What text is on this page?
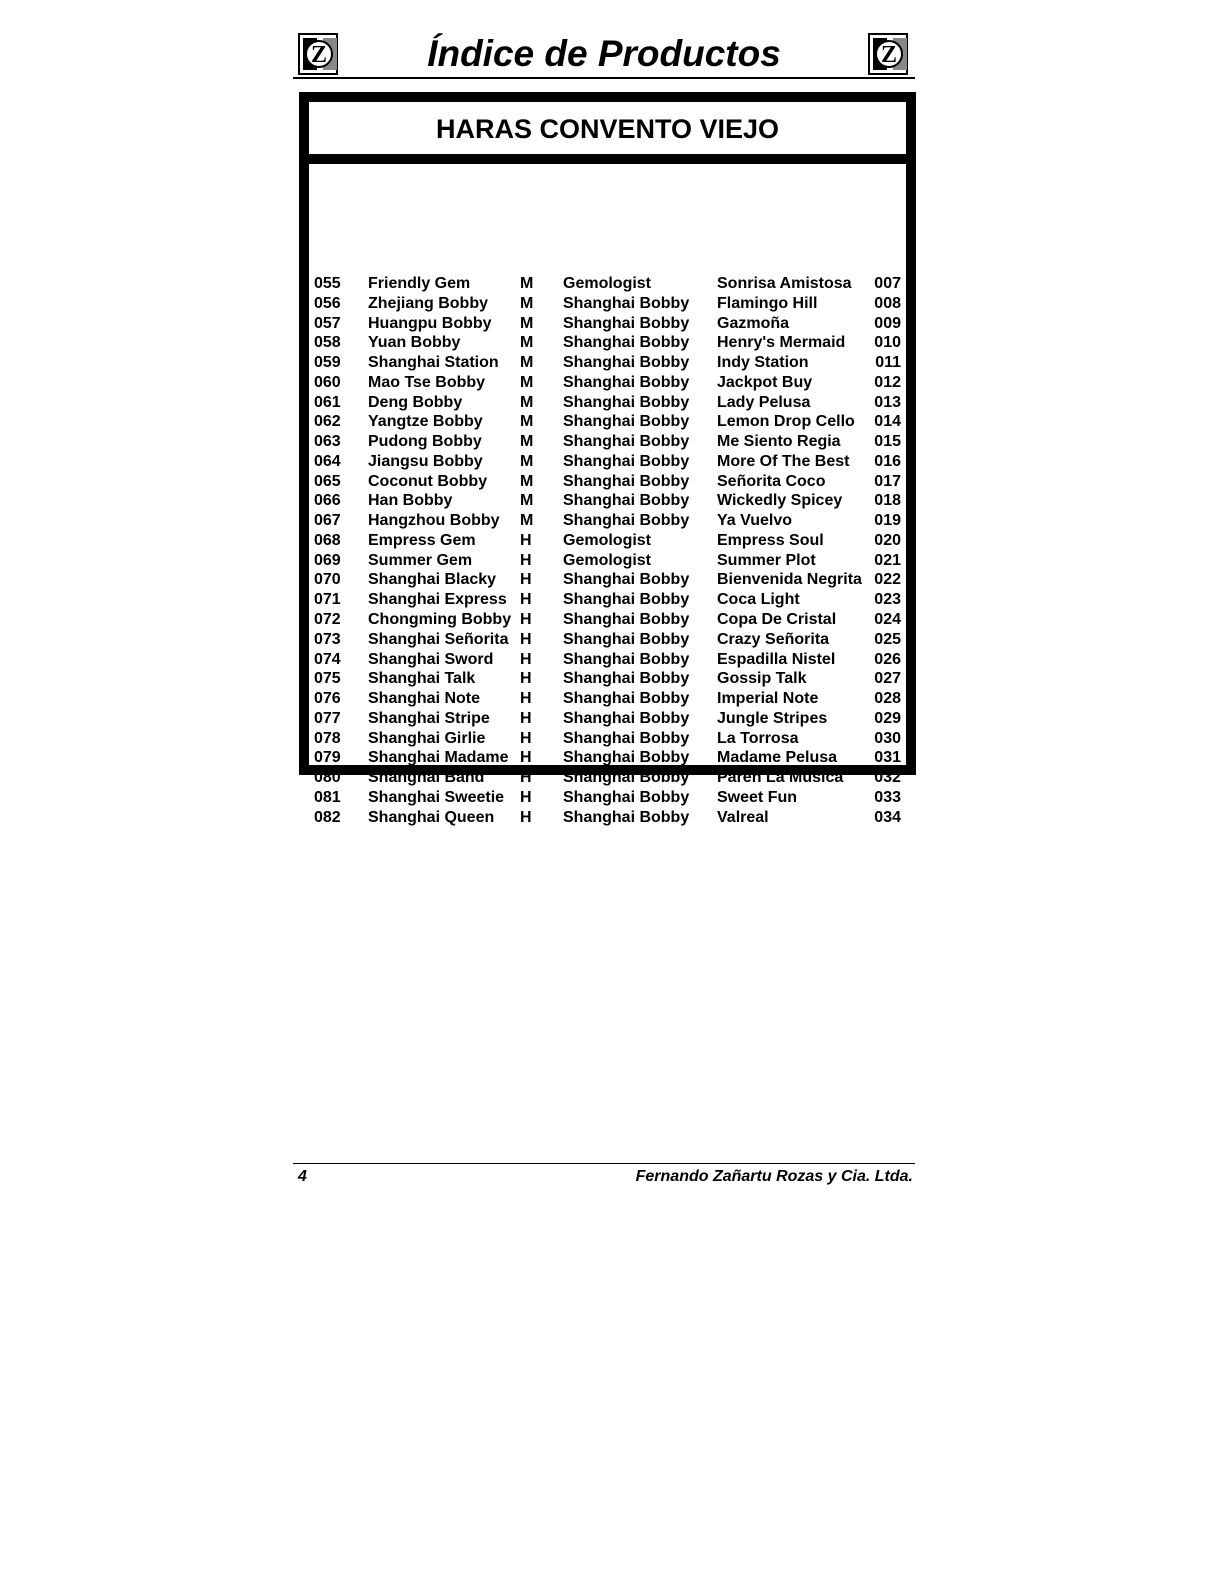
Z	Índice de Productos	Z
HARAS CONVENTO VIEJO
055	Friendly Gem	M	Gemologist	Sonrisa Amistosa	007
056	Zhejiang Bobby	M	Shanghai Bobby	Flamingo Hill	008
057	Huangpu Bobby	M	Shanghai Bobby	Gazmoña	009
058	Yuan Bobby	M	Shanghai Bobby	Henry's Mermaid	010
059	Shanghai Station	M	Shanghai Bobby	Indy Station	011
060	Mao Tse Bobby	M	Shanghai Bobby	Jackpot Buy	012
061	Deng Bobby	M	Shanghai Bobby	Lady Pelusa	013
062	Yangtze Bobby	M	Shanghai Bobby	Lemon Drop Cello	014
063	Pudong Bobby	M	Shanghai Bobby	Me Siento Regia	015
064	Jiangsu Bobby	M	Shanghai Bobby	More Of The Best	016
065	Coconut Bobby	M	Shanghai Bobby	Señorita Coco	017
066	Han Bobby	M	Shanghai Bobby	Wickedly Spicey	018
067	Hangzhou Bobby	M	Shanghai Bobby	Ya Vuelvo	019
068	Empress Gem	H	Gemologist	Empress Soul	020
069	Summer Gem	H	Gemologist	Summer Plot	021
070	Shanghai Blacky	H	Shanghai Bobby	Bienvenida Negrita	022
071	Shanghai Express	H	Shanghai Bobby	Coca Light	023
072	Chongming Bobby	H	Shanghai Bobby	Copa De Cristal	024
073	Shanghai Señorita	H	Shanghai Bobby	Crazy Señorita	025
074	Shanghai Sword	H	Shanghai Bobby	Espadilla Nistel	026
075	Shanghai Talk	H	Shanghai Bobby	Gossip Talk	027
076	Shanghai Note	H	Shanghai Bobby	Imperial Note	028
077	Shanghai Stripe	H	Shanghai Bobby	Jungle Stripes	029
078	Shanghai Girlie	H	Shanghai Bobby	La Torrosa	030
079	Shanghai Madame	H	Shanghai Bobby	Madame Pelusa	031
080	Shanghai Band	H	Shanghai Bobby	Paren La Música	032
081	Shanghai Sweetie	H	Shanghai Bobby	Sweet Fun	033
082	Shanghai Queen	H	Shanghai Bobby	Valreal	034
Lote Nombre	S Padre	Madre	Pág.
4	Fernando Zañartu Rozas y Cia. Ltda.
